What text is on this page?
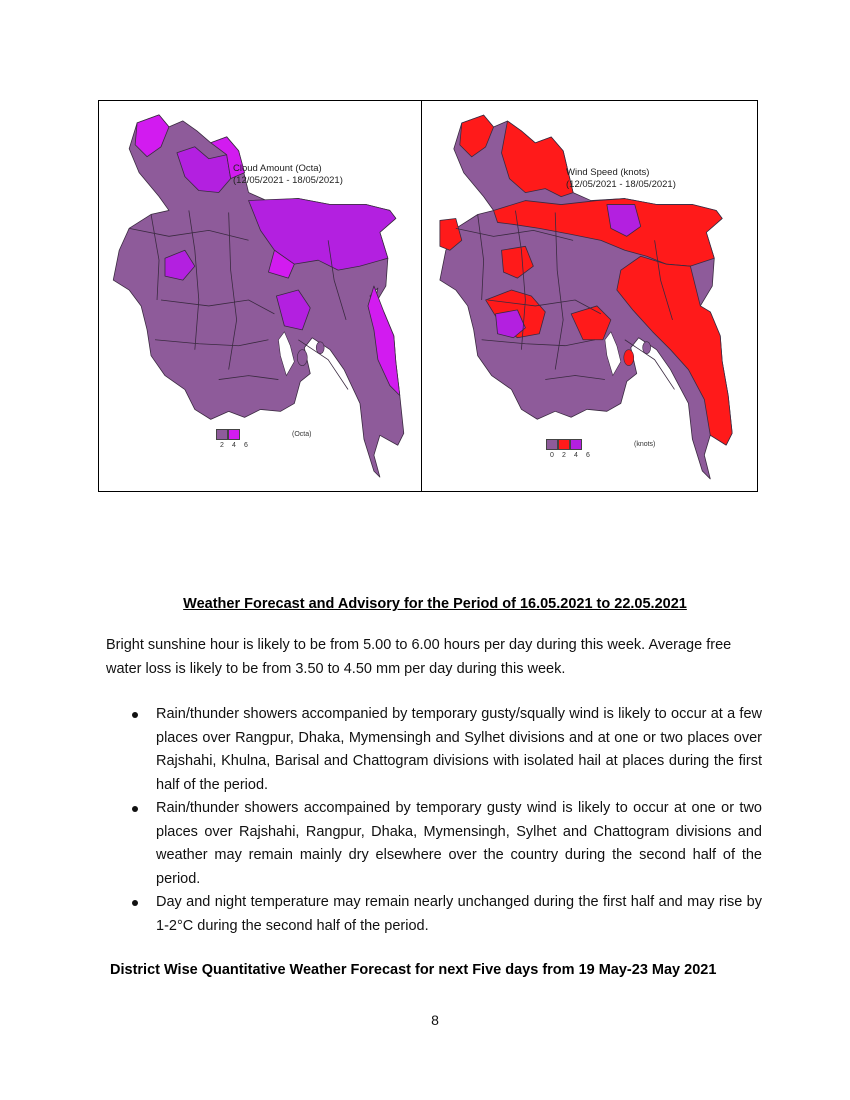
Cloud Amount (Octa)
(12/05/2021 - 18/05/2021)
2	4	6
(Octa)
Wind Speed (knots)
(12/05/2021 - 18/05/2021)
0	2	4	6
(knots)
Weather Forecast and Advisory for the Period of 16.05.2021 to 22.05.2021

Bright sunshine hour is likely to be from 5.00 to 6.00 hours per day during this week. Average free water loss is likely to be from 3.50 to 4.50 mm per day during this week.

Rain/thunder showers accompanied by temporary gusty/squally wind is likely to occur at a few places over Rangpur, Dhaka, Mymensingh and Sylhet divisions and at one or two places over Rajshahi, Khulna, Barisal and Chattogram divisions with isolated hail at places during the first half of the period.
Rain/thunder showers accompained by temporary gusty wind is likely to occur at one or two places over Rajshahi, Rangpur, Dhaka, Mymensingh, Sylhet and Chattogram divisions and weather may remain mainly dry elsewhere over the country during the second half of the period.
Day and night temperature may remain nearly unchanged during the first half and may rise by 1-2°C during the second half of the period.
District Wise Quantitative Weather Forecast for next Five days from 19 May-23 May 2021
8
